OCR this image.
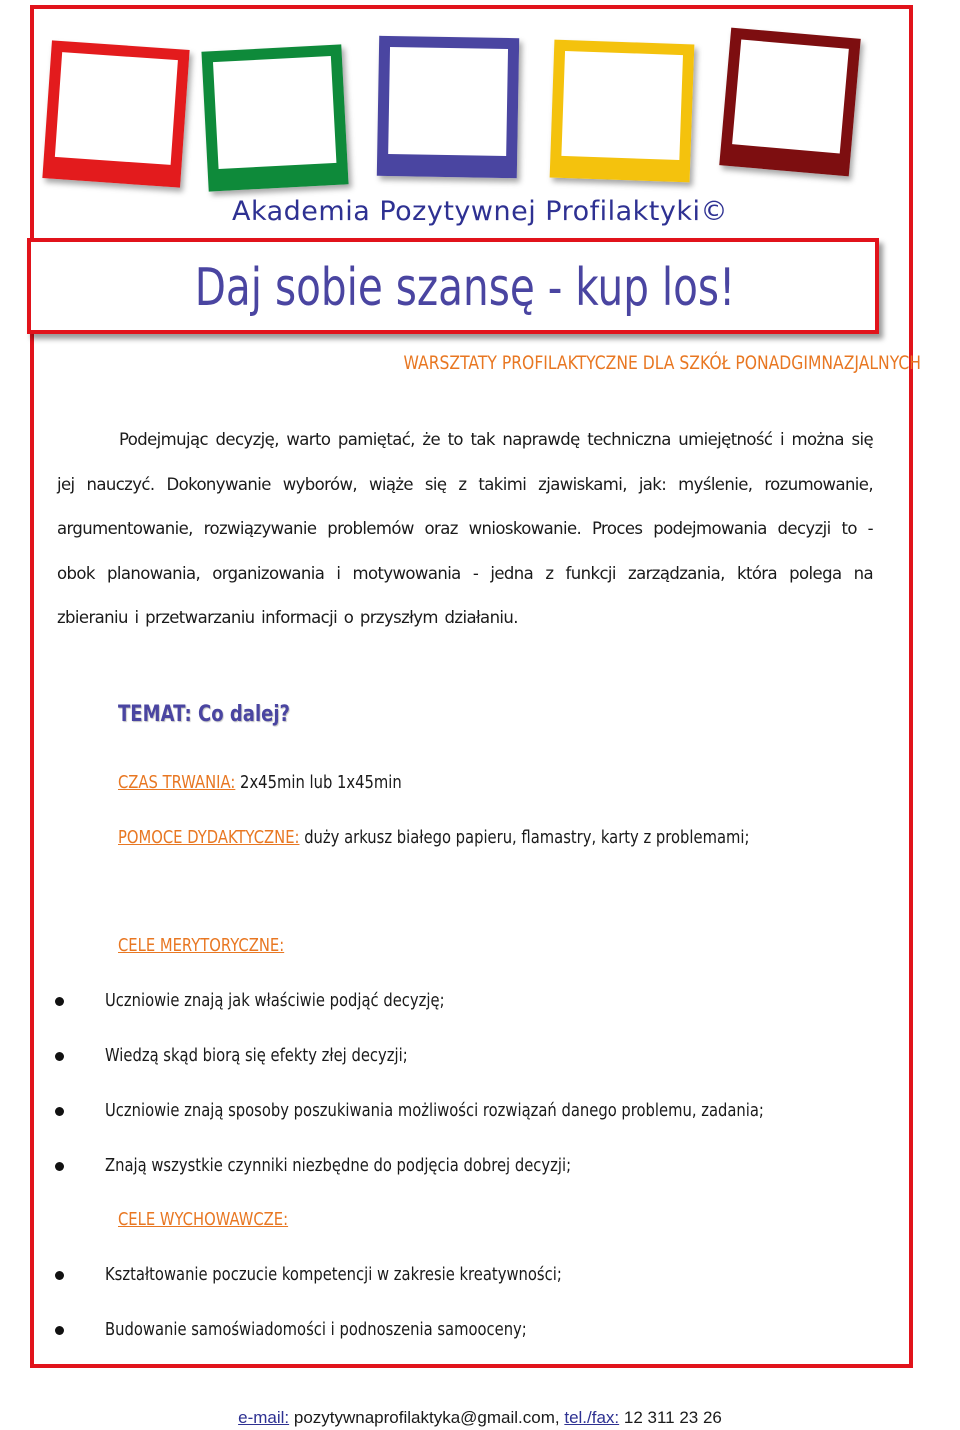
Akademia Pozytywnej Profilaktyki©
Daj sobie szansę - kup los!
WARSZTATY PROFILAKTYCZNE DLA SZKÓŁ PONADGIMNAZJALNYCH
Podejmując decyzję, warto pamiętać, że to tak naprawdę techniczna umiejętność i można się jej nauczyć. Dokonywanie wyborów, wiąże się z takimi zjawiskami, jak: myślenie, rozumowanie, argumentowanie, rozwiązywanie problemów oraz wnioskowanie. Proces podejmowania decyzji to - obok planowania, organizowania i motywowania - jedna z funkcji zarządzania, która polega na zbieraniu i przetwarzaniu informacji o przyszłym działaniu.
TEMAT: Co dalej?
CZAS TRWANIA: 2x45min lub 1x45min
POMOCE DYDAKTYCZNE: duży arkusz białego papieru, flamastry, karty z problemami;
CELE MERYTORYCZNE:
Uczniowie znają jak właściwie podjąć decyzję;
Wiedzą skąd biorą się efekty złej decyzji;
Uczniowie znają sposoby poszukiwania możliwości rozwiązań danego problemu, zadania;
Znają wszystkie czynniki niezbędne do podjęcia dobrej decyzji;
CELE WYCHOWAWCZE:
Kształtowanie poczucie kompetencji w zakresie kreatywności;
Budowanie samoświadomości i podnoszenia samooceny;
e-mail: pozytywnaprofilaktyka@gmail.com, tel./fax: 12 311 23 26
